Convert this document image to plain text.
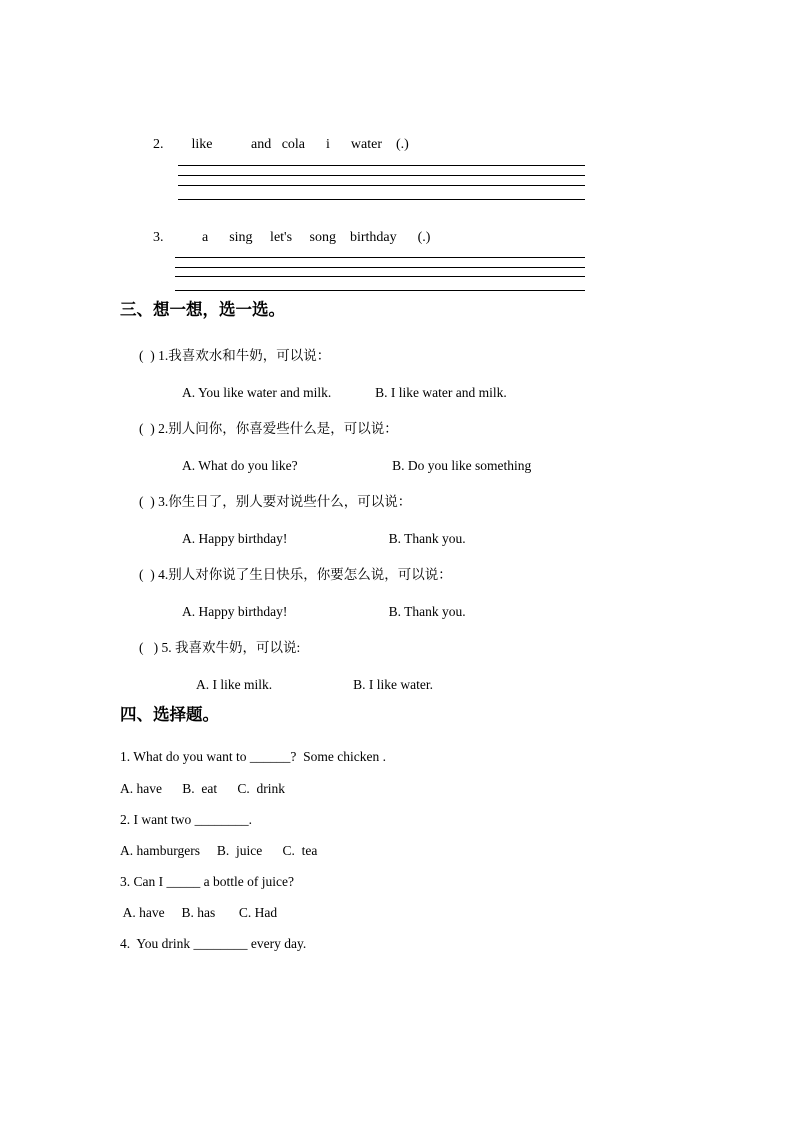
2.        like           and   cola      i      water    (.)
3.           a      sing     let's     song    birthday      (.)
三、想一想，选一选。
(  ) 1.我喜欢水和牛奶，可以说：
A. You like water and milk.             B. I like water and milk.
(  ) 2.别人问你，你喜爱些什么是，可以说：
A. What do you like?                            B. Do you like something
(  ) 3.你生日了，别人要对说些什么，可以说：
A. Happy birthday!                              B. Thank you.
(  ) 4.别人对你说了生日快乐，你要怎么说，可以说：
A. Happy birthday!                              B. Thank you.
(   ) 5. 我喜欢牛奶，可以说:
A. I like milk.                        B. I like water.
四、选择题。
1. What do you want to ______?  Some chicken .
A. have      B.  eat      C.  drink
2. I want two ________.
A. hamburgers     B.  juice      C.  tea
3. Can I _____ a bottle of juice?
A. have     B. has       C. Had
4.  You drink ________ every day.
